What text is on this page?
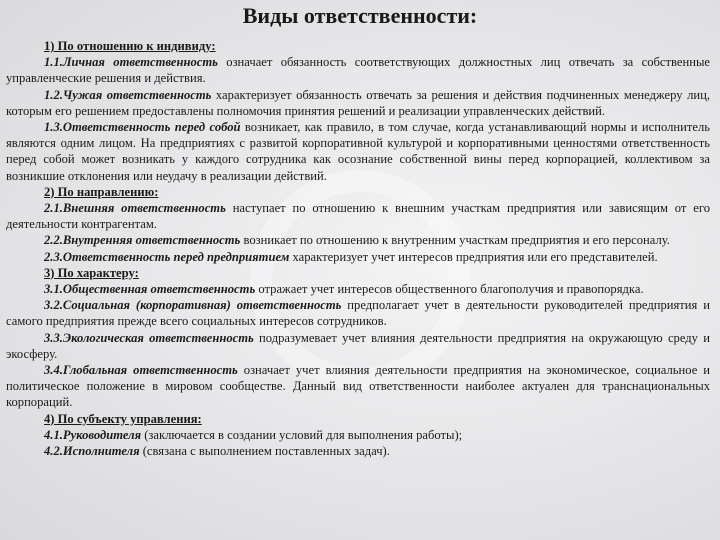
Виды ответственности:

1) По отношению к индивиду:

1.1.Личная ответственность означает обязанность соответствующих должностных лиц отвечать за собственные управленческие решения и действия.

1.2.Чужая ответственность характеризует обязанность отвечать за решения и действия подчиненных менеджеру лиц, которым его решением предоставлены полномочия принятия решений и реализации управленческих действий.

1.3.Ответственность перед собой возникает, как правило, в том случае, когда устанавливающий нормы и исполнитель являются одним лицом. На предприятиях с развитой корпоративной культурой и корпоративными ценностями ответственность перед собой может возникать у каждого сотрудника как осознание собственной вины перед корпорацией, коллективом за возникшие отклонения или неудачу в реализации действий.

2) По направлению:

2.1.Внешняя ответственность наступает по отношению к внешним участкам предприятия или зависящим от его деятельности контрагентам.

2.2.Внутренняя ответственность возникает по отношению к внутренним участкам предприятия и его персоналу.

2.3.Ответственность перед предприятием характеризует учет интересов предприятия или его представителей.

3) По характеру:

3.1.Общественная ответственность отражает учет интересов общественного благополучия и правопорядка.

3.2.Социальная (корпоративная) ответственность предполагает учет в деятельности руководителей предприятия и самого предприятия прежде всего социальных интересов сотрудников.

3.3.Экологическая ответственность подразумевает учет влияния деятельности предприятия на окружающую среду и экосферу.

3.4.Глобальная ответственность означает учет влияния деятельности предприятия на экономическое, социальное и политическое положение в мировом сообществе. Данный вид ответственности наиболее актуален для транснациональных корпораций.

4) По субъекту управления:

4.1.Руководителя (заключается в создании условий для выполнения работы);

4.2.Исполнителя (связана с выполнением поставленных задач).
